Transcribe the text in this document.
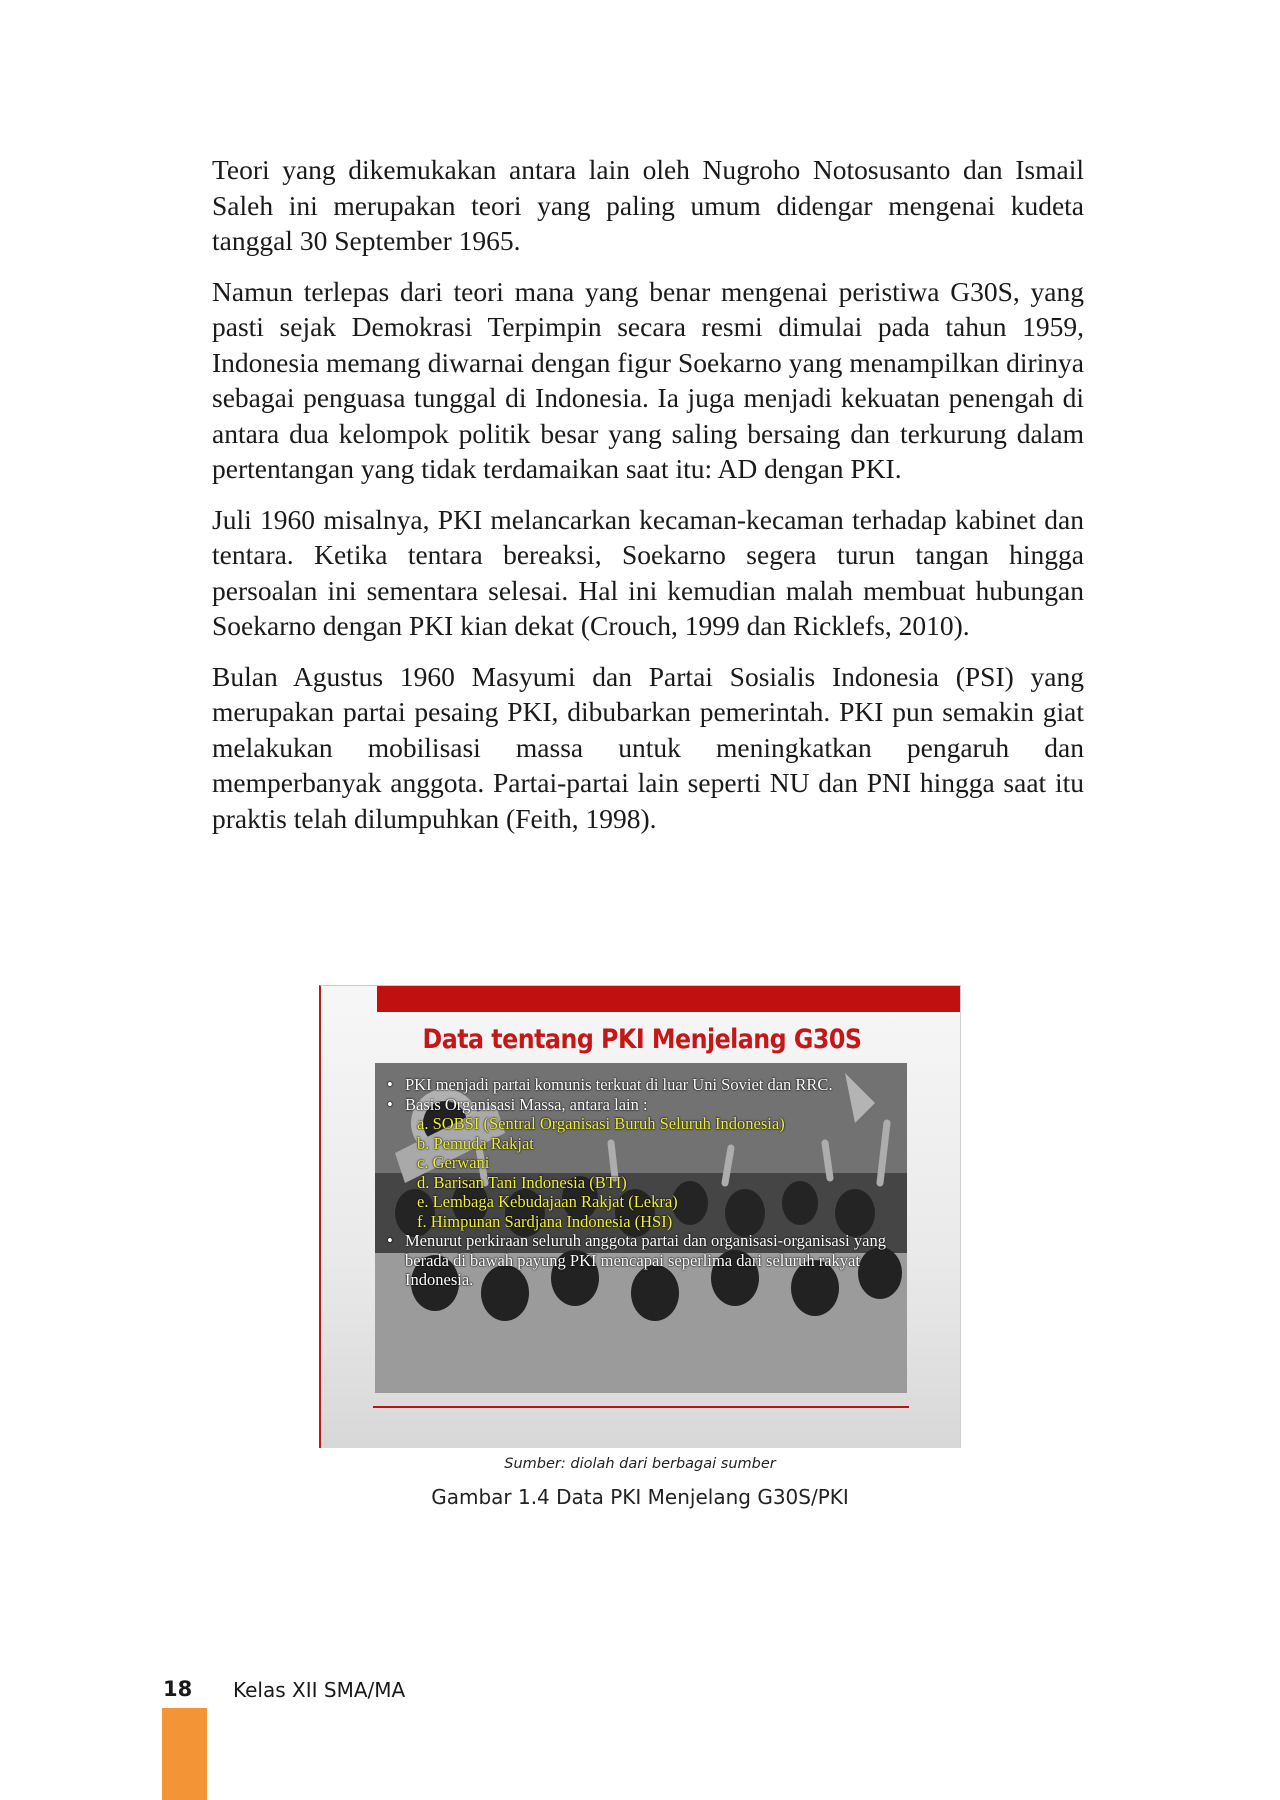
Teori yang dikemukakan antara lain oleh Nugroho Notosusanto dan Ismail Saleh ini merupakan teori yang paling umum didengar mengenai kudeta tanggal 30 September 1965.

Namun terlepas dari teori mana yang benar mengenai peristiwa G30S, yang pasti sejak Demokrasi Terpimpin secara resmi dimulai pada tahun 1959, Indonesia memang diwarnai dengan figur Soekarno yang menampilkan dirinya sebagai penguasa tunggal di Indonesia. Ia juga menjadi kekuatan penengah di antara dua kelompok politik besar yang saling bersaing dan terkurung dalam pertentangan yang tidak terdamaikan saat itu: AD dengan PKI.

Juli 1960 misalnya, PKI melancarkan kecaman-kecaman terhadap kabinet dan tentara. Ketika tentara bereaksi, Soekarno segera turun tangan hingga persoalan ini sementara selesai. Hal ini kemudian malah membuat hubungan Soekarno dengan PKI kian dekat (Crouch, 1999 dan Ricklefs, 2010).

Bulan Agustus 1960 Masyumi dan Partai Sosialis Indonesia (PSI) yang merupakan partai pesaing PKI, dibubarkan pemerintah. PKI pun semakin giat melakukan mobilisasi massa untuk meningkatkan pengaruh dan memperbanyak anggota. Partai-partai lain seperti NU dan PNI hingga saat itu praktis telah dilumpuhkan (Feith, 1998).

Data tentang PKI Menjelang G30S

• PKI menjadi partai komunis terkuat di luar Uni Soviet dan RRC.

• Basis Organisasi Massa, antara lain :

a. SOBSI (Sentral Organisasi Buruh Seluruh Indonesia)
b. Pemuda Rakjat
c. Gerwani
d. Barisan Tani Indonesia (BTI)
e. Lembaga Kebudajaan Rakjat (Lekra)
f. Himpunan Sardjana Indonesia (HSI)

• Menurut perkiraan seluruh anggota partai dan organisasi-organisasi yang berada di bawah payung PKI mencapai seperlima dari seluruh rakyat Indonesia.

Sumber: diolah dari berbagai sumber
Gambar 1.4 Data PKI Menjelang G30S/PKI
18 Kelas XII SMA/MA
